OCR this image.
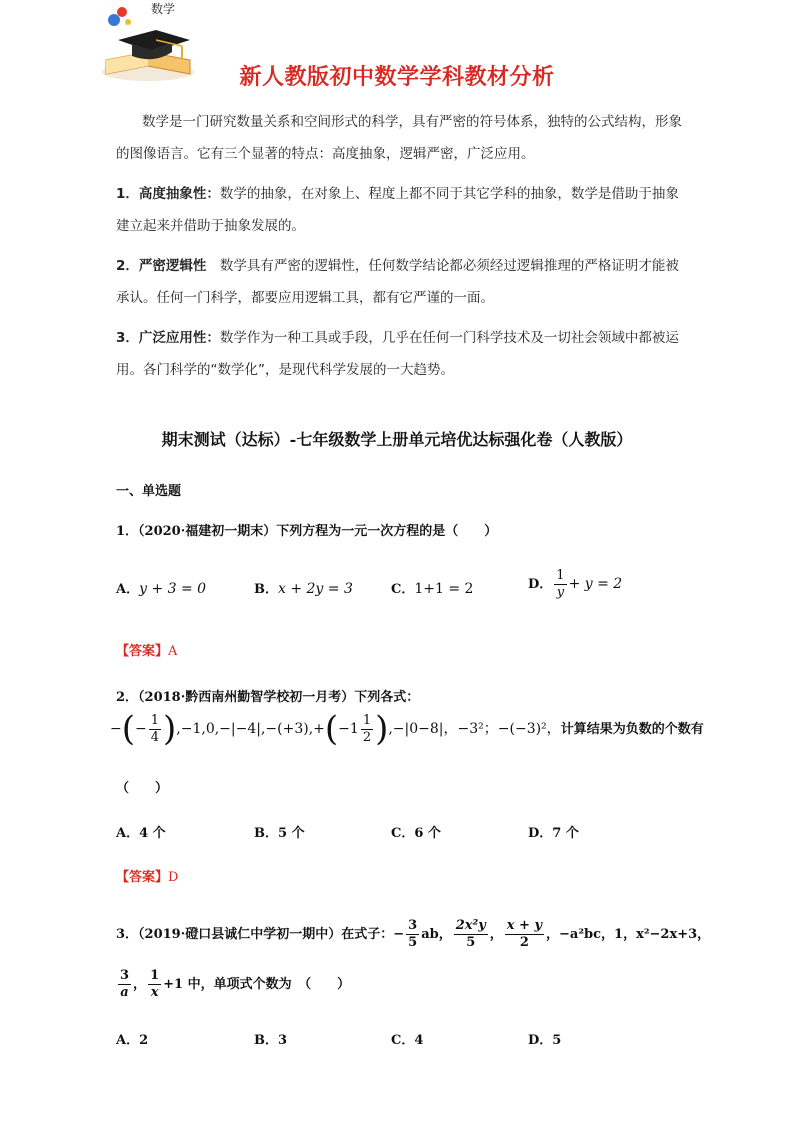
数学
新人教版初中数学学科教材分析
数学是一门研究数量关系和空间形式的科学，具有严密的符号体系，独特的公式结构，形象的图像语言。它有三个显著的特点：高度抽象，逻辑严密，广泛应用。
1．高度抽象性：数学的抽象，在对象上、程度上都不同于其它学科的抽象，数学是借助于抽象建立起来并借助于抽象发展的。
2．严密逻辑性　数学具有严密的逻辑性，任何数学结论都必须经过逻辑推理的严格证明才能被承认。任何一门科学，都要应用逻辑工具，都有它严谨的一面。
3．广泛应用性：数学作为一种工具或手段，几乎在任何一门科学技术及一切社会领域中都被运用。各门科学的“数学化”，是现代科学发展的一大趋势。
期末测试（达标）-七年级数学上册单元培优达标强化卷（人教版）
一、单选题
1．（2020·福建初一期末）下列方程为一元一次方程的是（　　）
A．y + 3 = 0	B．x + 2y = 3	C．1+1 = 2	D． $\frac{1}{y} + y = 2$
【答案】A
2．（2018·黔西南州勤智学校初一月考）下列各式：
−(− $\frac{1}{4} ),-1,0,-|-4|,-(+3),+(-1 \frac{1}{2} ),-|0-8|$，−3²；−(−3)²，计算结果为负数的个数有
（　　）
A．4 个	B．5 个	C．6 个	D．7 个
【答案】D
3．（2019·磴口县诚仁中学初一期中）在式子：− $\frac{3}{5}$ ab， $\frac{\text{2x²y}}{5}$ ， $\frac{x + y}{2}$ ，−a²bc，1，x²−2x+3，
$\frac{3}{a}$ ， $\frac{1}{x} +1$ 中，单项式个数为　（　　）
A．2	B．3	C．4	D．5
